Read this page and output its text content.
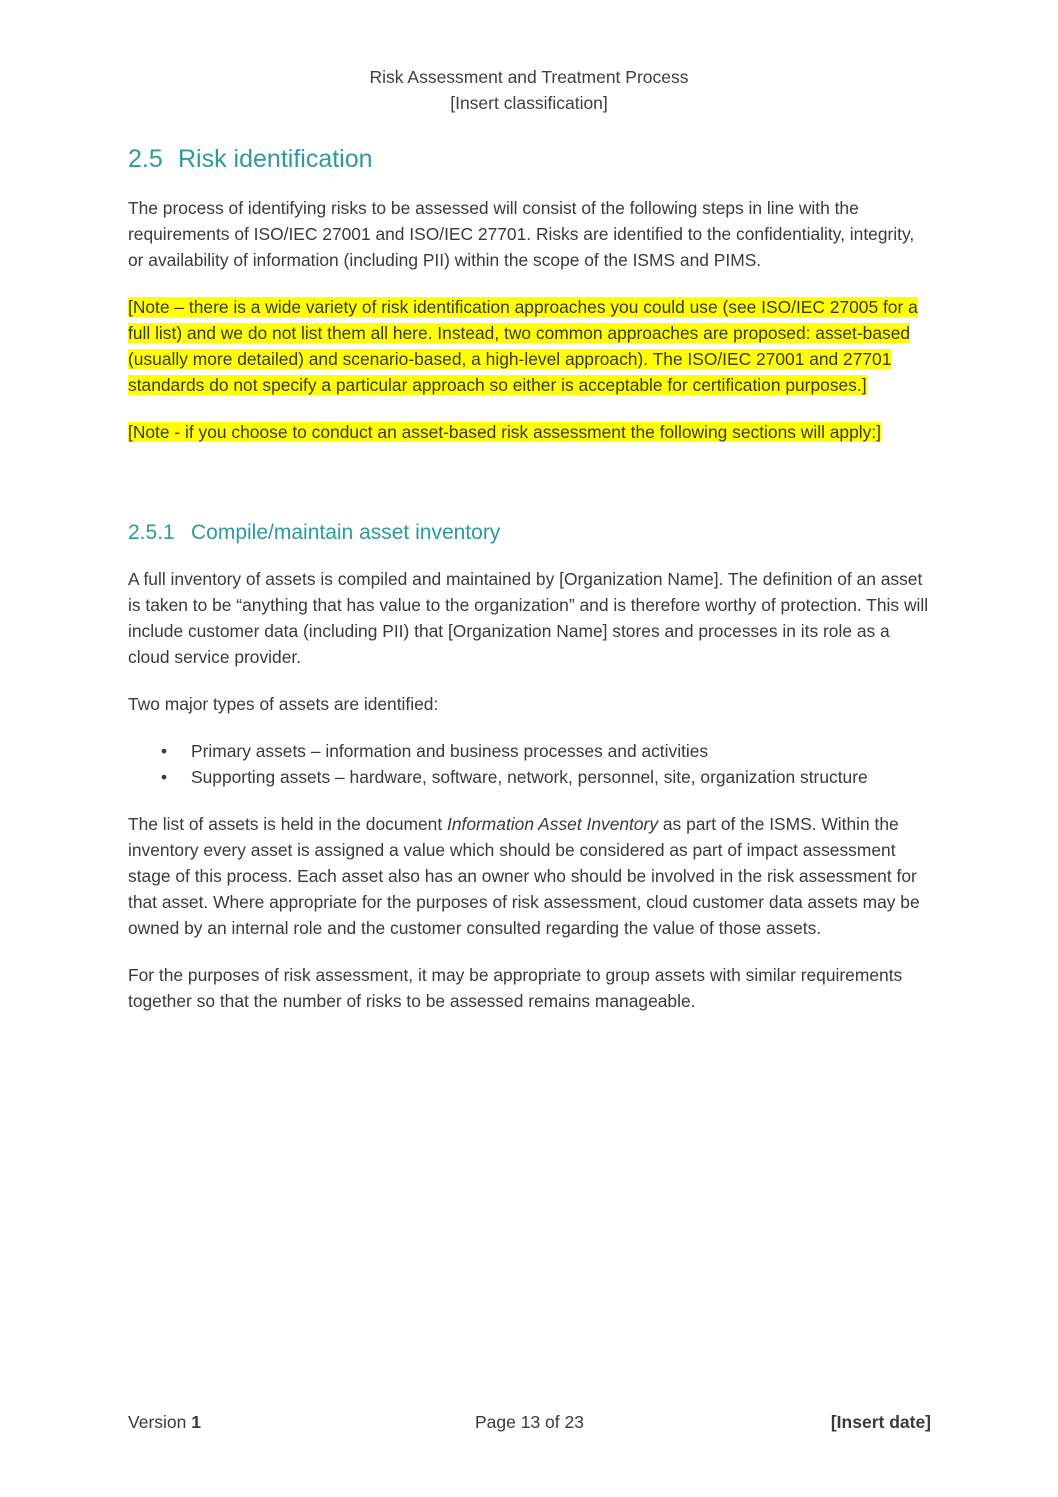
Risk Assessment and Treatment Process
[Insert classification]
2.5 Risk identification

The process of identifying risks to be assessed will consist of the following steps in line with the requirements of ISO/IEC 27001 and ISO/IEC 27701. Risks are identified to the confidentiality, integrity, or availability of information (including PII) within the scope of the ISMS and PIMS.

[Note – there is a wide variety of risk identification approaches you could use (see ISO/IEC 27005 for a full list) and we do not list them all here. Instead, two common approaches are proposed: asset-based (usually more detailed) and scenario-based, a high-level approach). The ISO/IEC 27001 and 27701 standards do not specify a particular approach so either is acceptable for certification purposes.]

[Note - if you choose to conduct an asset-based risk assessment the following sections will apply:]

2.5.1 Compile/maintain asset inventory

A full inventory of assets is compiled and maintained by [Organization Name]. The definition of an asset is taken to be “anything that has value to the organization” and is therefore worthy of protection. This will include customer data (including PII) that [Organization Name] stores and processes in its role as a cloud service provider.

Two major types of assets are identified:

• Primary assets – information and business processes and activities
• Supporting assets – hardware, software, network, personnel, site, organization structure

The list of assets is held in the document Information Asset Inventory as part of the ISMS. Within the inventory every asset is assigned a value which should be considered as part of impact assessment stage of this process. Each asset also has an owner who should be involved in the risk assessment for that asset. Where appropriate for the purposes of risk assessment, cloud customer data assets may be owned by an internal role and the customer consulted regarding the value of those assets.

For the purposes of risk assessment, it may be appropriate to group assets with similar requirements together so that the number of risks to be assessed remains manageable.

Version 1	Page 13 of 23	[Insert date]
